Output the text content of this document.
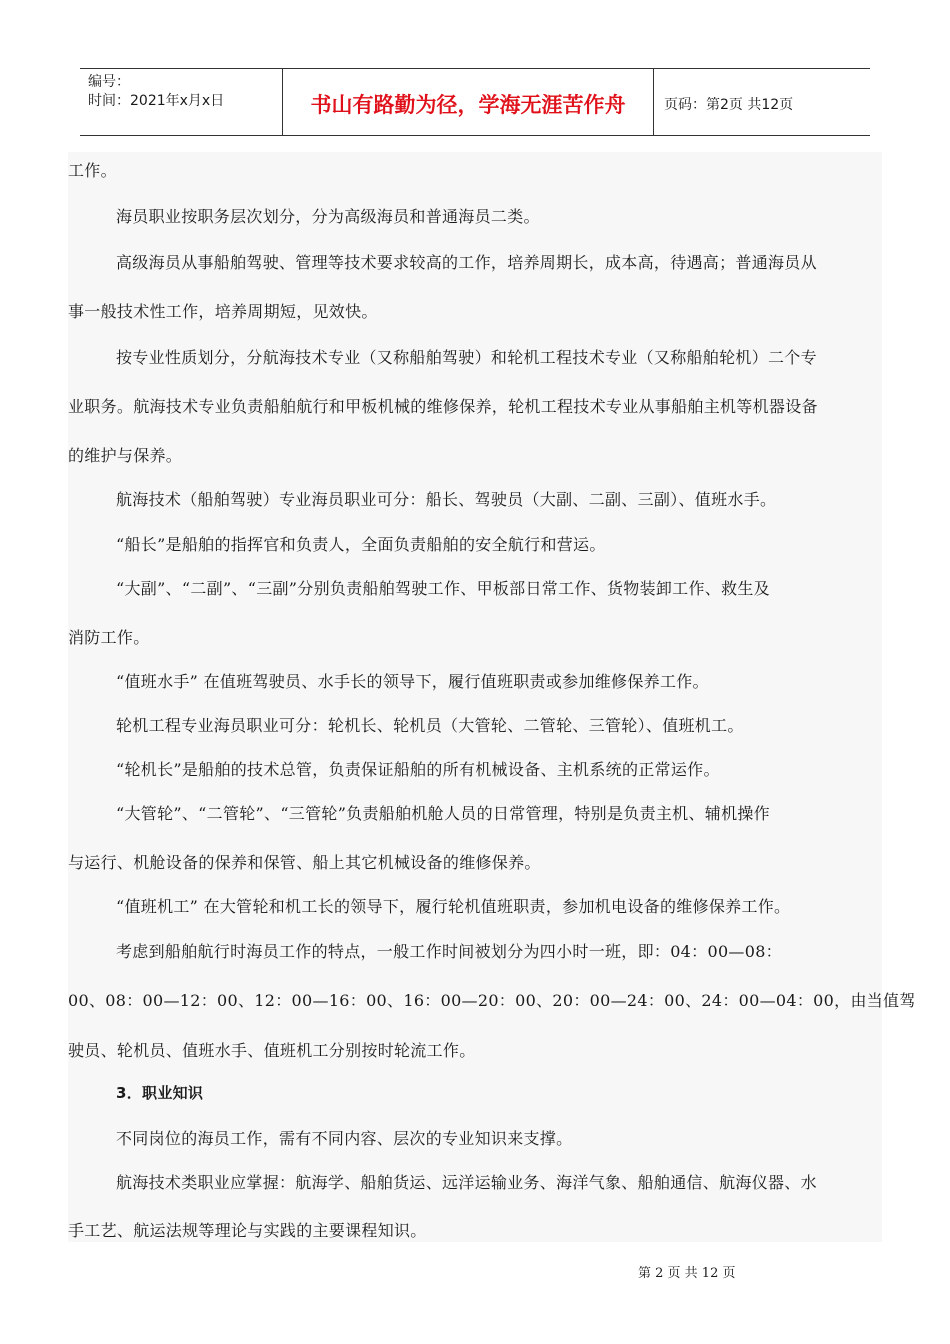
编号：
时间：2021年x月x日	书山有路勤为径，学海无涯苦作舟	页码：第2页 共12页
工作。
海员职业按职务层次划分，分为高级海员和普通海员二类。
高级海员从事船舶驾驶、管理等技术要求较高的工作，培养周期长，成本高，待遇高；普通海员从
事一般技术性工作，培养周期短，见效快。
按专业性质划分，分航海技术专业（又称船舶驾驶）和轮机工程技术专业（又称船舶轮机）二个专
业职务。航海技术专业负责船舶航行和甲板机械的维修保养，轮机工程技术专业从事船舶主机等机器设备
的维护与保养。
航海技术（船舶驾驶）专业海员职业可分：船长、驾驶员（大副、二副、三副）、值班水手。
“船长”是船舶的指挥官和负责人，全面负责船舶的安全航行和营运。
“大副”、“二副”、“三副”分别负责船舶驾驶工作、甲板部日常工作、货物装卸工作、救生及
消防工作。
“值班水手” 在值班驾驶员、水手长的领导下，履行值班职责或参加维修保养工作。
轮机工程专业海员职业可分：轮机长、轮机员（大管轮、二管轮、三管轮）、值班机工。
“轮机长”是船舶的技术总管，负责保证船舶的所有机械设备、主机系统的正常运作。
“大管轮”、“二管轮”、“三管轮”负责船舶机舱人员的日常管理，特别是负责主机、辅机操作
与运行、机舱设备的保养和保管、船上其它机械设备的维修保养。
“值班机工” 在大管轮和机工长的领导下，履行轮机值班职责，参加机电设备的维修保养工作。
考虑到船舶航行时海员工作的特点，一般工作时间被划分为四小时一班，即：04：00—08：
00、08：00—12：00、12：00—16：00、16：00—20：00、20：00—24：00、24：00—04：00，由当值驾
驶员、轮机员、值班水手、值班机工分别按时轮流工作。
3．职业知识
不同岗位的海员工作，需有不同内容、层次的专业知识来支撑。
航海技术类职业应掌握：航海学、船舶货运、远洋运输业务、海洋气象、船舶通信、航海仪器、水
手工艺、航运法规等理论与实践的主要课程知识。
第 2 页 共 12 页
